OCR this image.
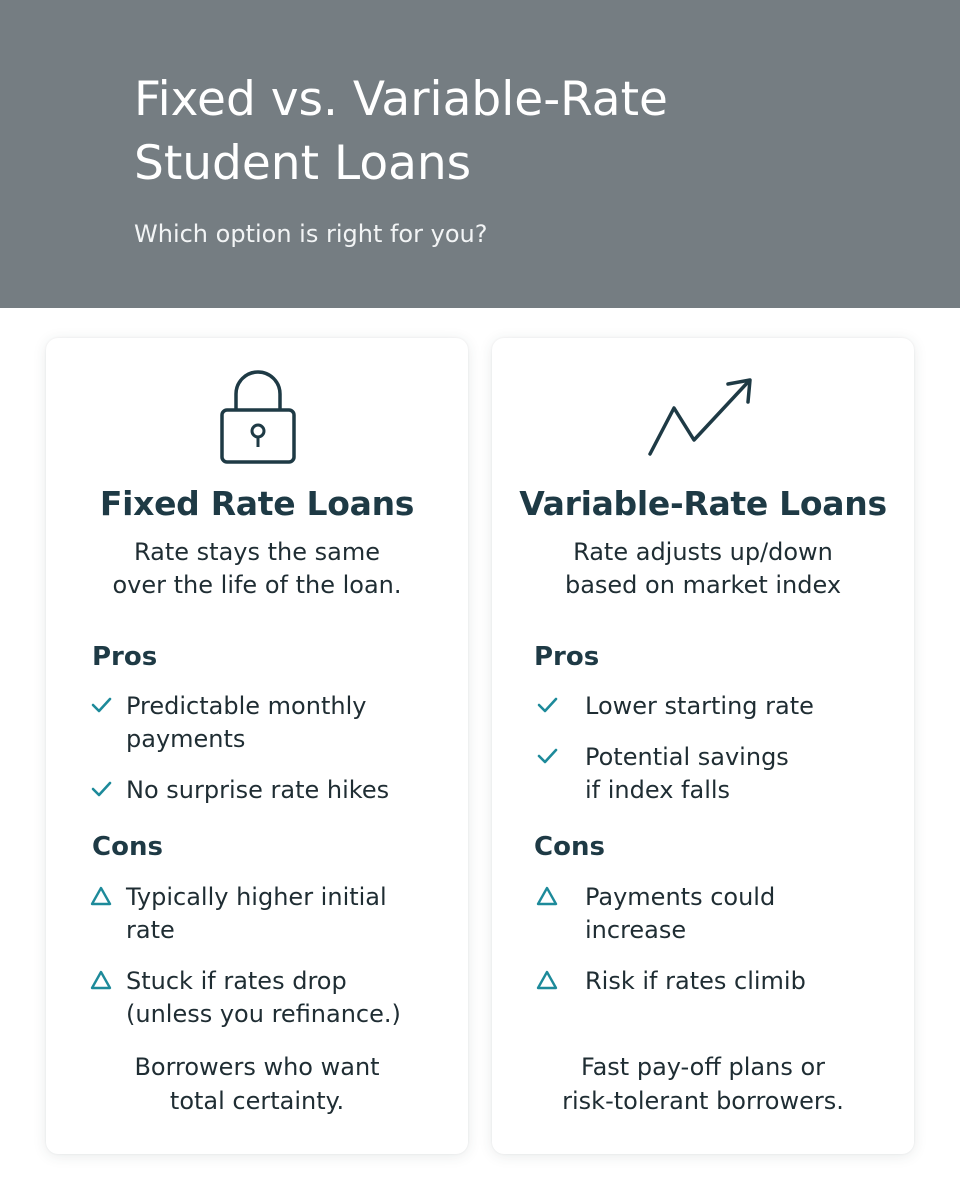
Fixed vs. Variable-Rate
Student Loans

Which option is right for you?

Fixed Rate Loans

Rate stays the same
over the life of the loan.

Pros
Predictable monthly
payments
No surprise rate hikes
Cons
Typically higher initial
rate
Stuck if rates drop
(unless you refinance.)

Borrowers who want
total certainty.

Variable-Rate Loans

Rate adjusts up/down
based on market index

Pros
Lower starting rate
Potential savings
if index falls
Cons
Payments could
increase
Risk if rates climib

Fast pay-off plans or
risk-tolerant borrowers.
